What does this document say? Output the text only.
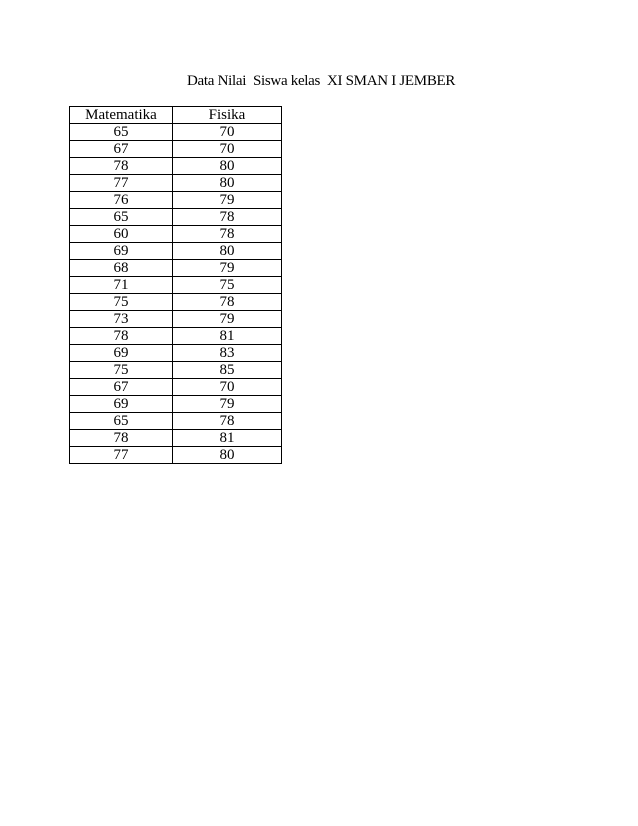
Data Nilai  Siswa kelas  XI SMAN I JEMBER
Matematika	Fisika
65	70
67	70
78	80
77	80
76	79
65	78
60	78
69	80
68	79
71	75
75	78
73	79
78	81
69	83
75	85
67	70
69	79
65	78
78	81
77	80
